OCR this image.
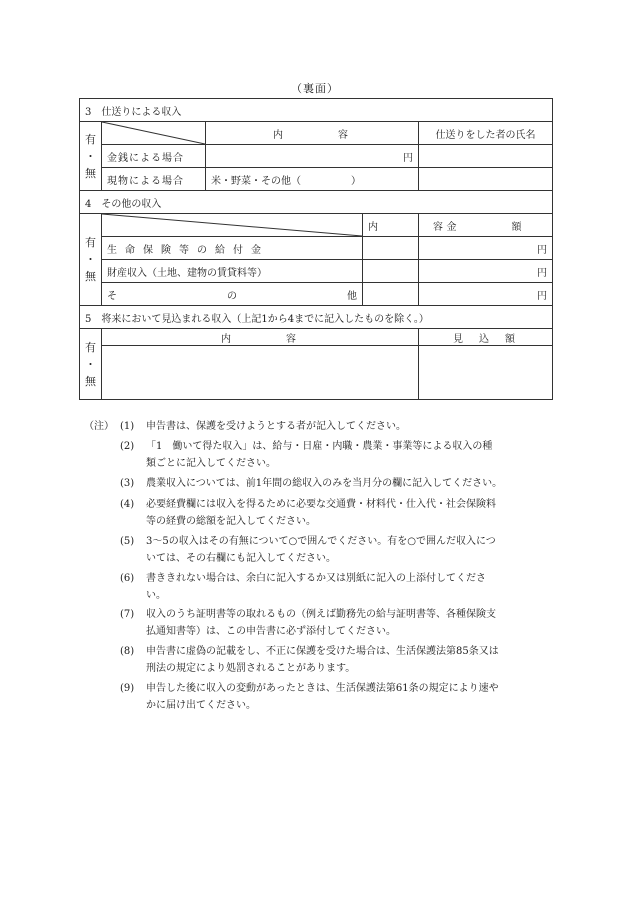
（裏面）
3　仕送りによる収入				

有
・
無		内　　　　容		仕送りをした者の氏名
	金銭による場合	円		
	現物による場合	米・野菜・その他（　　　　　）		
4　その他の収入				

有
・
無			内　　　　容	金　　　　額
	生命保険等の給付金			円
	財産収入（土地、建物の賃貸料等）			円

	そ の 他			円
5　将来において見込まれる収入（上記1から4までに記入したものを除く。）				

有
・
無	内　　　　容			見　込　額

（注） (1) 申告書は、保護を受けようとする者が記入してください。
(2) 「1　働いて得た収入」は、給与・日雇・内職・農業・事業等による収入の種
類ごとに記入してください。
(3) 農業収入については、前1年間の総収入のみを当月分の欄に記入してください。
(4) 必要経費欄には収入を得るために必要な交通費・材料代・仕入代・社会保険料
等の経費の総額を記入してください。
(5) 3～5の収入はその有無について○で囲んでください。有を○で囲んだ収入につ
いては、その右欄にも記入してください。
(6) 書ききれない場合は、余白に記入するか又は別紙に記入の上添付してくださ
い。
(7) 収入のうち証明書等の取れるもの（例えば勤務先の給与証明書等、各種保険支
払通知書等）は、この申告書に必ず添付してください。
(8) 申告書に虚偽の記載をし、不正に保護を受けた場合は、生活保護法第85条又は
刑法の規定により処罰されることがあります。
(9) 申告した後に収入の変動があったときは、生活保護法第61条の規定により速や
かに届け出てください。
